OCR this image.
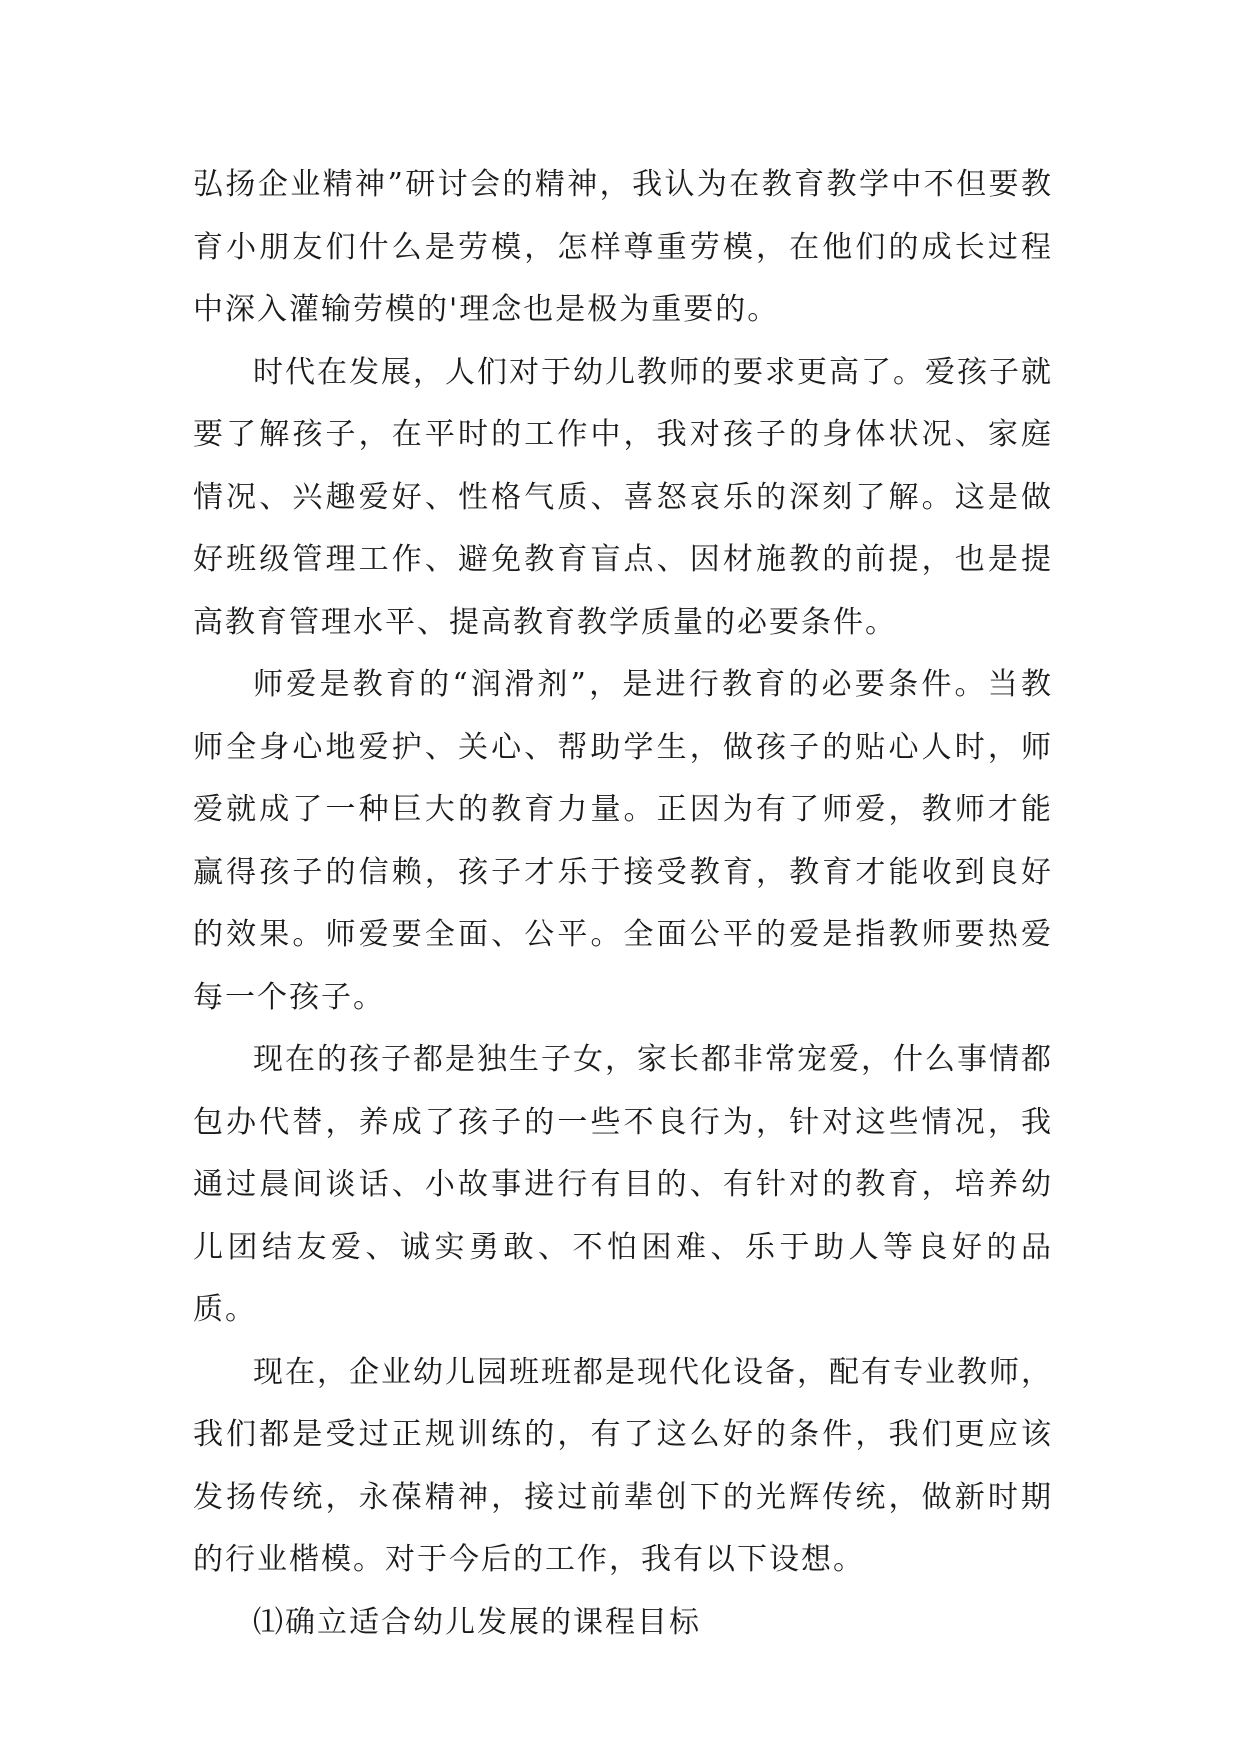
弘扬企业精神”研讨会的精神，我认为在教育教学中不但要教育小朋友们什么是劳模，怎样尊重劳模，在他们的成长过程中深入灌输劳模的'理念也是极为重要的。

时代在发展，人们对于幼儿教师的要求更高了。爱孩子就要了解孩子，在平时的工作中，我对孩子的身体状况、家庭情况、兴趣爱好、性格气质、喜怒哀乐的深刻了解。这是做好班级管理工作、避免教育盲点、因材施教的前提，也是提高教育管理水平、提高教育教学质量的必要条件。

师爱是教育的“润滑剂”，是进行教育的必要条件。当教师全身心地爱护、关心、帮助学生，做孩子的贴心人时，师爱就成了一种巨大的教育力量。正因为有了师爱，教师才能赢得孩子的信赖，孩子才乐于接受教育，教育才能收到良好的效果。师爱要全面、公平。全面公平的爱是指教师要热爱每一个孩子。

现在的孩子都是独生子女，家长都非常宠爱，什么事情都包办代替，养成了孩子的一些不良行为，针对这些情况，我通过晨间谈话、小故事进行有目的、有针对的教育，培养幼儿团结友爱、诚实勇敢、不怕困难、乐于助人等良好的品质。

现在，企业幼儿园班班都是现代化设备，配有专业教师，我们都是受过正规训练的，有了这么好的条件，我们更应该发扬传统，永葆精神，接过前辈创下的光辉传统，做新时期的行业楷模。对于今后的工作，我有以下设想。

⑴确立适合幼儿发展的课程目标
